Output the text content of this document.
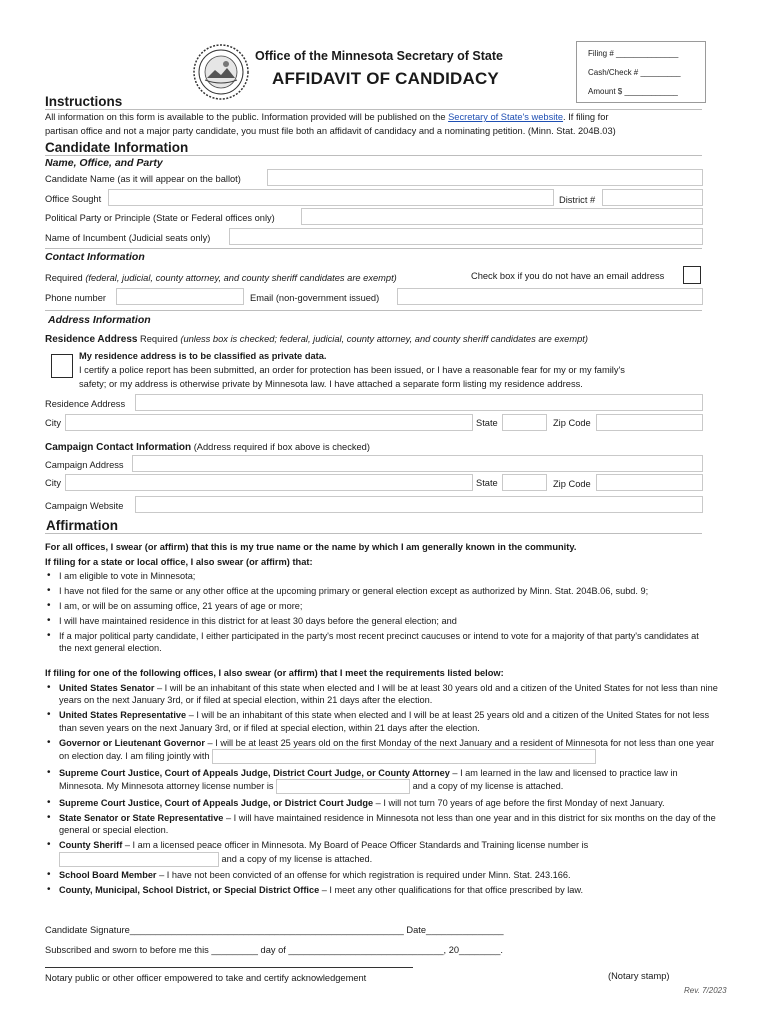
Office of the Minnesota Secretary of State
AFFIDAVIT OF CANDIDACY
Filing # ______________
Cash/Check # _________
Amount $ ____________
Instructions
All information on this form is available to the public. Information provided will be published on the Secretary of State's website. If filing for
partisan office and not a major party candidate, you must file both an affidavit of candidacy and a nominating petition. (Minn. Stat. 204B.03)
Candidate Information
Name, Office, and Party
Candidate Name (as it will appear on the ballot)
Office Sought	District #
Political Party or Principle (State or Federal offices only)
Name of Incumbent (Judicial seats only)
Contact Information
Required (federal, judicial, county attorney, and county sheriff candidates are exempt)	Check box if you do not have an email address
Phone number	Email (non-government issued)
Address Information
Residence Address Required (unless box is checked; federal, judicial, county attorney, and county sheriff candidates are exempt)
My residence address is to be classified as private data.
I certify a police report has been submitted, an order for protection has been issued, or I have a reasonable fear for my or my family's
safety; or my address is otherwise private by Minnesota law. I have attached a separate form listing my residence address.
Residence Address
City	State	Zip Code
Campaign Contact Information (Address required if box above is checked)
Campaign Address
City	State	Zip Code
Campaign Website
Affirmation
For all offices, I swear (or affirm) that this is my true name or the name by which I am generally known in the community.
If filing for a state or local office, I also swear (or affirm) that:
• I am eligible to vote in Minnesota;
• I have not filed for the same or any other office at the upcoming primary or general election except as authorized by Minn. Stat. 204B.06, subd. 9;
• I am, or will be on assuming office, 21 years of age or more;
• I will have maintained residence in this district for at least 30 days before the general election; and
• If a major political party candidate, I either participated in the party's most recent precinct caucuses or intend to vote for a majority of that party's candidates at the next general election.
If filing for one of the following offices, I also swear (or affirm) that I meet the requirements listed below:
• United States Senator – I will be an inhabitant of this state when elected and I will be at least 30 years old and a citizen of the United States for not less than nine years on the next January 3rd, or if filed at special election, within 21 days after the election.
• United States Representative – I will be an inhabitant of this state when elected and I will be at least 25 years old and a citizen of the United States for not less than seven years on the next January 3rd, or if filed at special election, within 21 days after the election.
• Governor or Lieutenant Governor – I will be at least 25 years old on the first Monday of the next January and a resident of Minnesota for not less than one year on election day. I am filing jointly with
• Supreme Court Justice, Court of Appeals Judge, District Court Judge, or County Attorney – I am learned in the law and licensed to practice law in Minnesota. My Minnesota attorney license number is	and a copy of my license is attached.
• Supreme Court Justice, Court of Appeals Judge, or District Court Judge – I will not turn 70 years of age before the first Monday of next January.
• State Senator or State Representative – I will have maintained residence in Minnesota not less than one year and in this district for six months on the day of the general or special election.
• County Sheriff – I am a licensed peace officer in Minnesota. My Board of Peace Officer Standards and Training license number is  and a copy of my license is attached.
• School Board Member – I have not been convicted of an offense for which registration is required under Minn. Stat. 243.166.
• County, Municipal, School District, or Special District Office – I meet any other qualifications for that office prescribed by law.
Candidate Signature_____________________________________________________ Date_______________
Subscribed and sworn to before me this _________ day of ______________________________, 20________.
Notary public or other officer empowered to take and certify acknowledgement	(Notary stamp)
Rev. 7/2023
